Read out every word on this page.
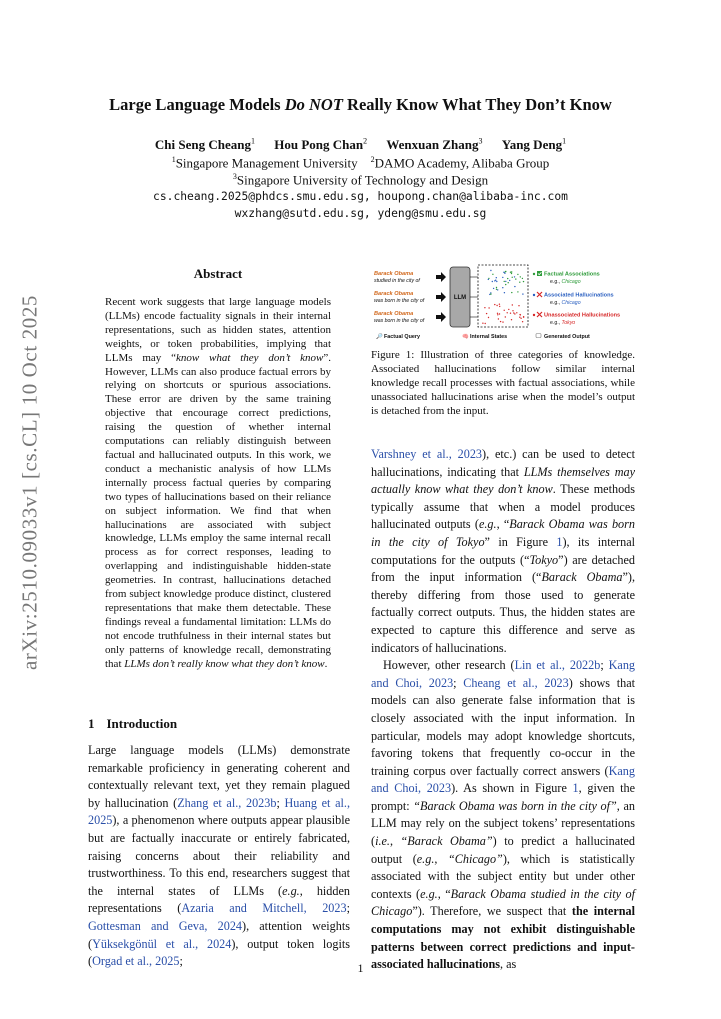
arXiv:2510.09033v1 [cs.CL] 10 Oct 2025
Large Language Models Do NOT Really Know What They Don’t Know
Chi Seng Cheang$^1$ Hou Pong Chan$^2$ Wenxuan Zhang$^3$ Yang Deng$^1$
$^1$Singapore Management University $^2$DAMO Academy, Alibaba Group
$^3$Singapore University of Technology and Design
cs.cheang.2025@phdcs.smu.edu.sg, houpong.chan@alibaba-inc.com
wxzhang@sutd.edu.sg, ydeng@smu.edu.sg
Abstract
Recent work suggests that large language models (LLMs) encode factuality signals in their internal representations, such as hidden states, attention weights, or token probabilities, implying that LLMs may “know what they don’t know”. However, LLMs can also produce factual errors by relying on shortcuts or spurious associations. These error are driven by the same training objective that encourage correct predictions, raising the question of whether internal computations can reliably distinguish between factual and hallucinated outputs. In this work, we conduct a mechanistic analysis of how LLMs internally process factual queries by comparing two types of hallucinations based on their reliance on subject information. We find that when hallucinations are associated with subject knowledge, LLMs employ the same internal recall process as for correct responses, leading to overlapping and indistinguishable hidden-state geometries. In contrast, hallucinations detached from subject knowledge produce distinct, clustered representations that make them detectable. These findings reveal a fundamental limitation: LLMs do not encode truthfulness in their internal states but only patterns of knowledge recall, demonstrating that LLMs don’t really know what they don’t know.
1 Introduction
Large language models (LLMs) demonstrate remarkable proficiency in generating coherent and contextually relevant text, yet they remain plagued by hallucination (Zhang et al., 2023b; Huang et al., 2025), a phenomenon where outputs appear plausible but are factually inaccurate or entirely fabricated, raising concerns about their reliability and trustworthiness. To this end, researchers suggest that the internal states of LLMs (e.g., hidden representations (Azaria and Mitchell, 2023; Gottesman and Geva, 2024), attention weights (Yüksekgönül et al., 2024), output token logits (Orgad et al., 2025;
Barack Obama
studied in the city of
Barack Obama
was born in the city of
Barack Obama
was born in the city of
LLM
Factual Associations
e.g., Chicago
Associated Hallucinations
e.g., Chicago
Unassociated Hallucinations
e.g., Tokyo
🔎 Factual Query	🧠 Internal States	Generated Output
Figure 1: Illustration of three categories of knowledge. Associated hallucinations follow similar internal knowledge recall processes with factual associations, while unassociated hallucinations arise when the model’s output is detached from the input.

Varshney et al., 2023), etc.) can be used to detect hallucinations, indicating that LLMs themselves may actually know what they don’t know. These methods typically assume that when a model produces hallucinated outputs (e.g., “Barack Obama was born in the city of Tokyo” in Figure 1), its internal computations for the outputs (“Tokyo”) are detached from the input information (“Barack Obama”), thereby differing from those used to generate factually correct outputs. Thus, the hidden states are expected to capture this difference and serve as indicators of hallucinations.

However, other research (Lin et al., 2022b; Kang and Choi, 2023; Cheang et al., 2023) shows that models can also generate false information that is closely associated with the input information. In particular, models may adopt knowledge shortcuts, favoring tokens that frequently co-occur in the training corpus over factually correct answers (Kang and Choi, 2023). As shown in Figure 1, given the prompt: “Barack Obama was born in the city of”, an LLM may rely on the subject tokens’ representations (i.e., “Barack Obama”) to predict a hallucinated output (e.g., “Chicago”), which is statistically associated with the subject entity but under other contexts (e.g., “Barack Obama studied in the city of Chicago”). Therefore, we suspect that the internal computations may not exhibit distinguishable patterns between correct predictions and input-associated hallucinations, as

1
